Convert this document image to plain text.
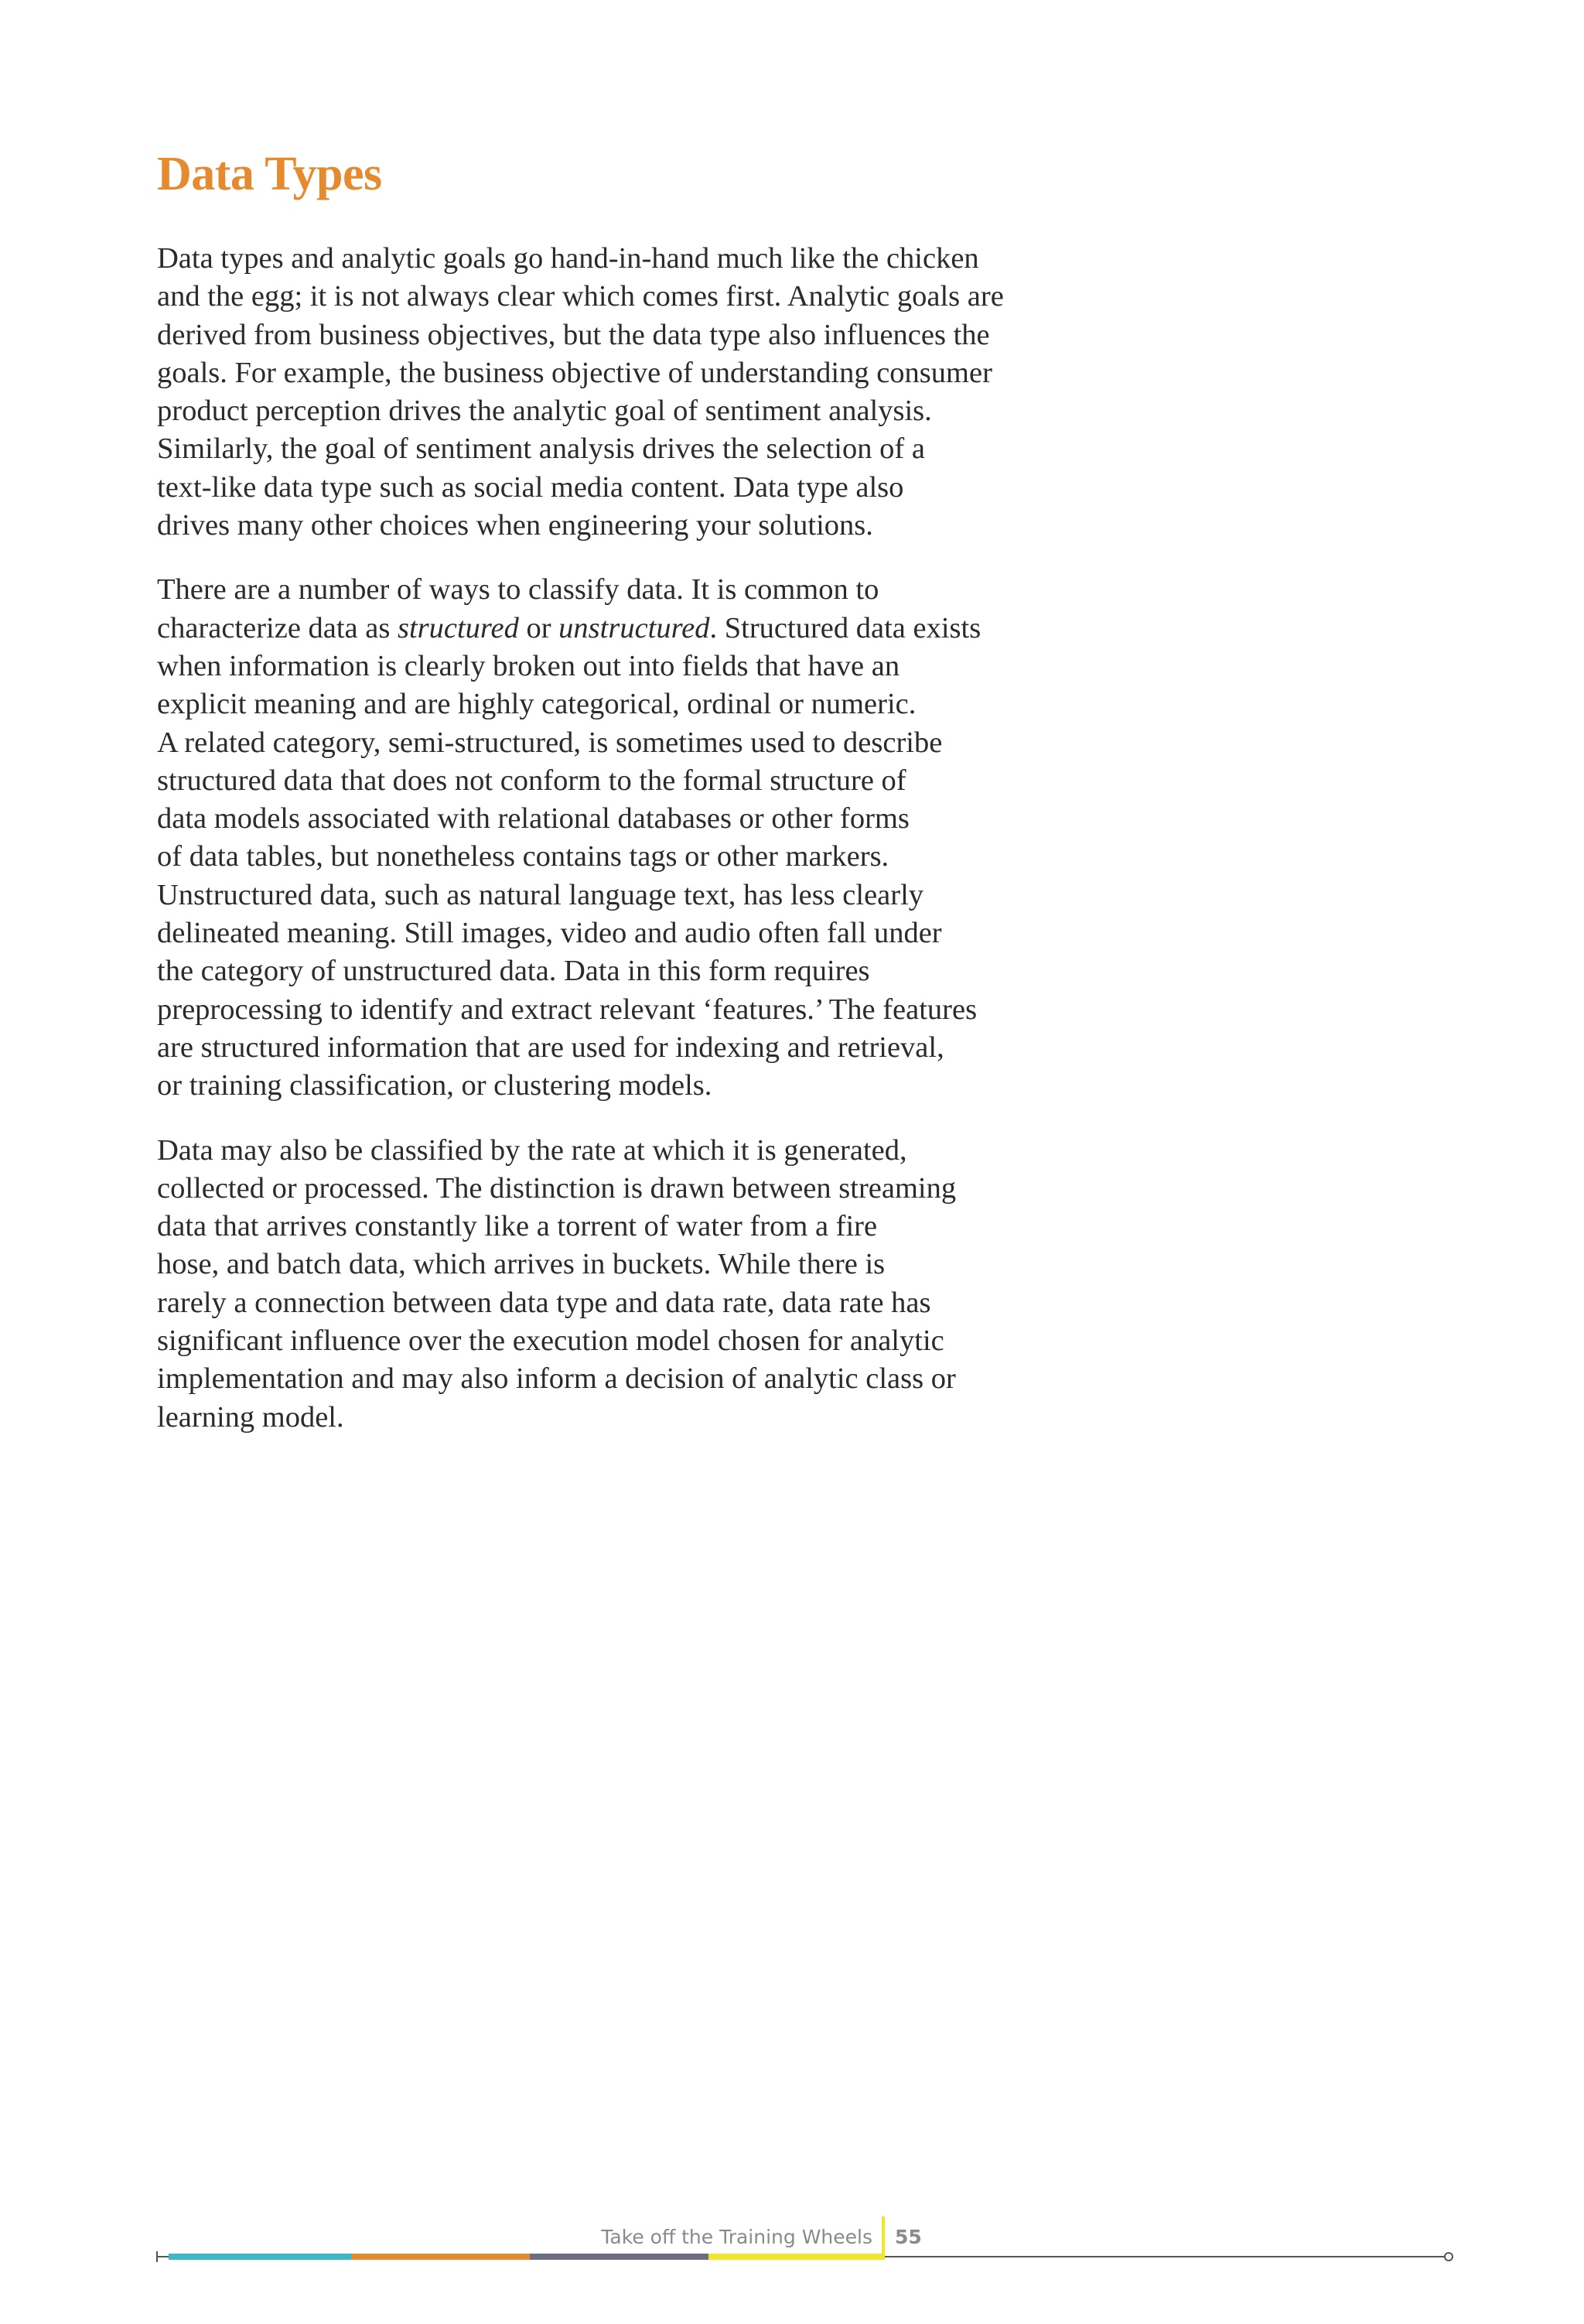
Data Types

Data types and analytic goals go hand-in-hand much like the chicken
and the egg; it is not always clear which comes first. Analytic goals are
derived from business objectives, but the data type also influences the
goals. For example, the business objective of understanding consumer
product perception drives the analytic goal of sentiment analysis.
Similarly, the goal of sentiment analysis drives the selection of a
text-like data type such as social media content. Data type also
drives many other choices when engineering your solutions.

There are a number of ways to classify data. It is common to
characterize data as structured or unstructured. Structured data exists
when information is clearly broken out into fields that have an
explicit meaning and are highly categorical, ordinal or numeric.
A related category, semi-structured, is sometimes used to describe
structured data that does not conform to the formal structure of
data models associated with relational databases or other forms
of data tables, but nonetheless contains tags or other markers.
Unstructured data, such as natural language text, has less clearly
delineated meaning. Still images, video and audio often fall under
the category of unstructured data. Data in this form requires
preprocessing to identify and extract relevant ‘features.’ The features
are structured information that are used for indexing and retrieval,
or training classification, or clustering models.

Data may also be classified by the rate at which it is generated,
collected or processed. The distinction is drawn between streaming
data that arrives constantly like a torrent of water from a fire
hose, and batch data, which arrives in buckets. While there is
rarely a connection between data type and data rate, data rate has
significant influence over the execution model chosen for analytic
implementation and may also inform a decision of analytic class or
learning model.

Take off the Training Wheels 55
